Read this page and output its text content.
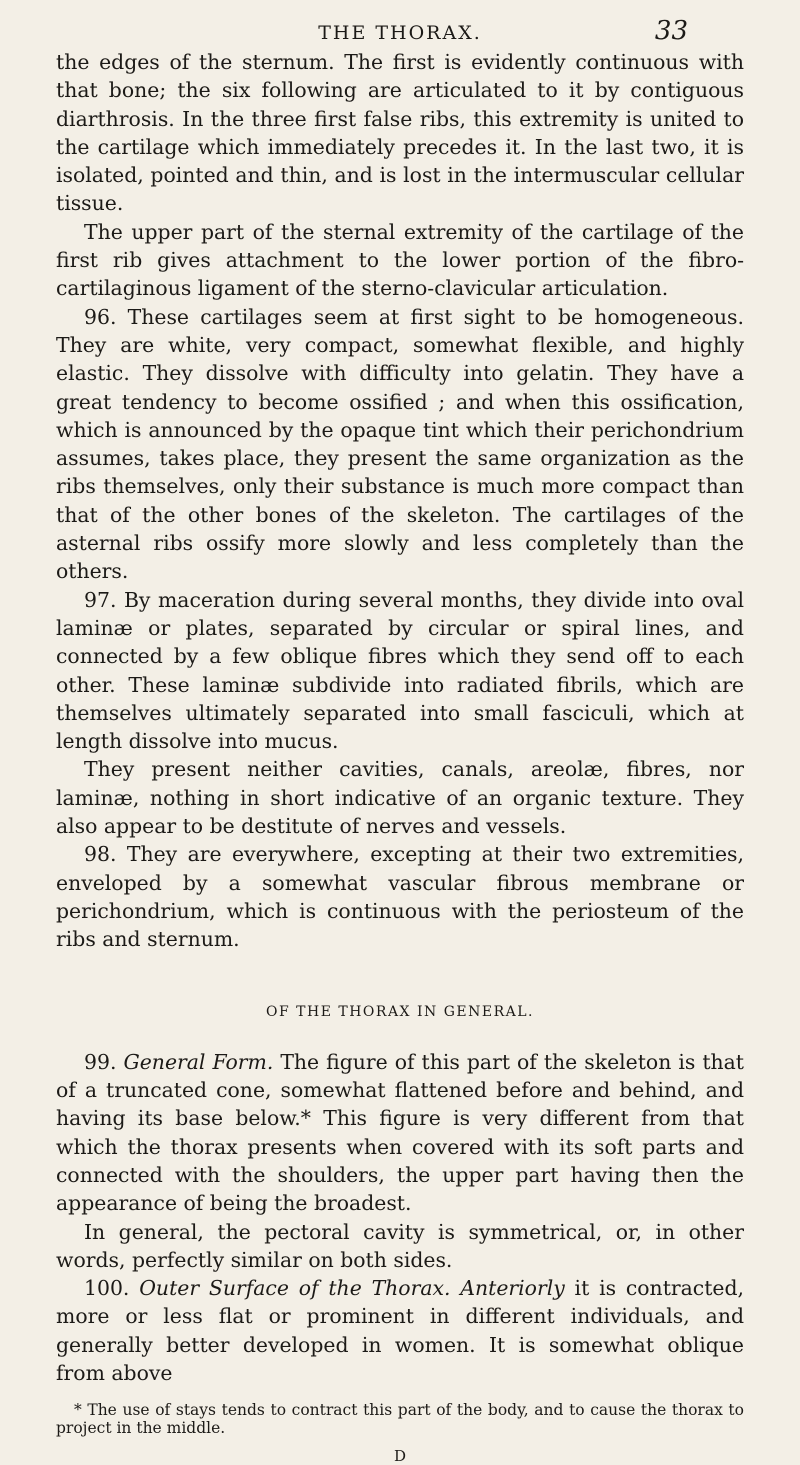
THE THORAX.	33

the edges of the sternum. The first is evidently continuous with that bone; the six following are articulated to it by contiguous diarthrosis. In the three first false ribs, this extremity is united to the cartilage which immediately precedes it. In the last two, it is isolated, pointed and thin, and is lost in the intermuscular cellular tissue.

The upper part of the sternal extremity of the cartilage of the first rib gives attachment to the lower portion of the fibro-cartilaginous ligament of the sterno-clavicular articulation.

96. These cartilages seem at first sight to be homogeneous. They are white, very compact, somewhat flexible, and highly elastic. They dissolve with difficulty into gelatin. They have a great tendency to become ossified ; and when this ossification, which is announced by the opaque tint which their perichondrium assumes, takes place, they present the same organization as the ribs themselves, only their substance is much more compact than that of the other bones of the skeleton. The cartilages of the asternal ribs ossify more slowly and less completely than the others.

97. By maceration during several months, they divide into oval laminæ or plates, separated by circular or spiral lines, and connected by a few oblique fibres which they send off to each other. These laminæ subdivide into radiated fibrils, which are themselves ultimately separated into small fasciculi, which at length dissolve into mucus.

They present neither cavities, canals, areolæ, fibres, nor laminæ, nothing in short indicative of an organic texture. They also appear to be destitute of nerves and vessels.

98. They are everywhere, excepting at their two extremities, enveloped by a somewhat vascular fibrous membrane or perichondrium, which is continuous with the periosteum of the ribs and sternum.

OF THE THORAX IN GENERAL.

99. General Form. The figure of this part of the skeleton is that of a truncated cone, somewhat flattened before and behind, and having its base below.* This figure is very different from that which the thorax presents when covered with its soft parts and connected with the shoulders, the upper part having then the appearance of being the broadest.

In general, the pectoral cavity is symmetrical, or, in other words, perfectly similar on both sides.

100. Outer Surface of the Thorax. Anteriorly it is contracted, more or less flat or prominent in different individuals, and generally better developed in women. It is somewhat oblique from above

* The use of stays tends to contract this part of the body, and to cause the thorax to project in the middle.

D
